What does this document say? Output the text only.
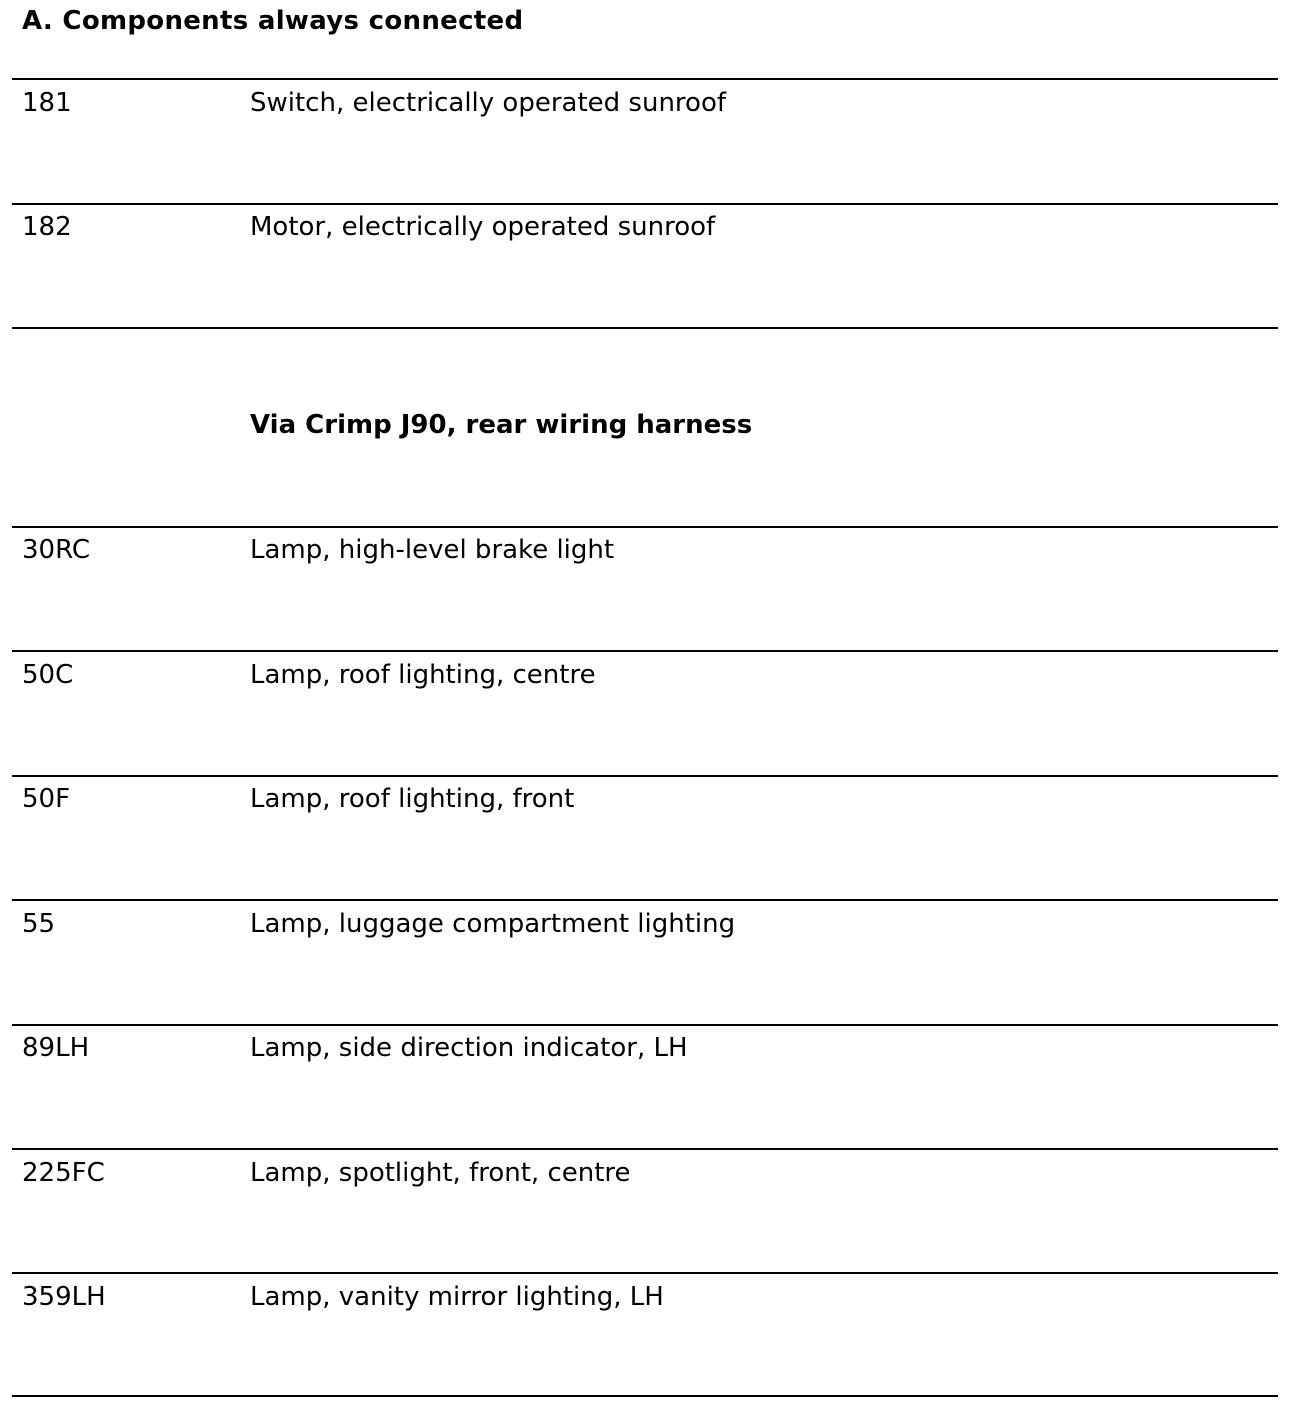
A. Components always connected
181	Switch, electrically operated sunroof
182	Motor, electrically operated sunroof
Via Crimp J90, rear wiring harness
30RC	Lamp, high-level brake light
50C	Lamp, roof lighting, centre
50F	Lamp, roof lighting, front
55	Lamp, luggage compartment lighting
89LH	Lamp, side direction indicator, LH
225FC	Lamp, spotlight, front, centre
359LH	Lamp, vanity mirror lighting, LH
